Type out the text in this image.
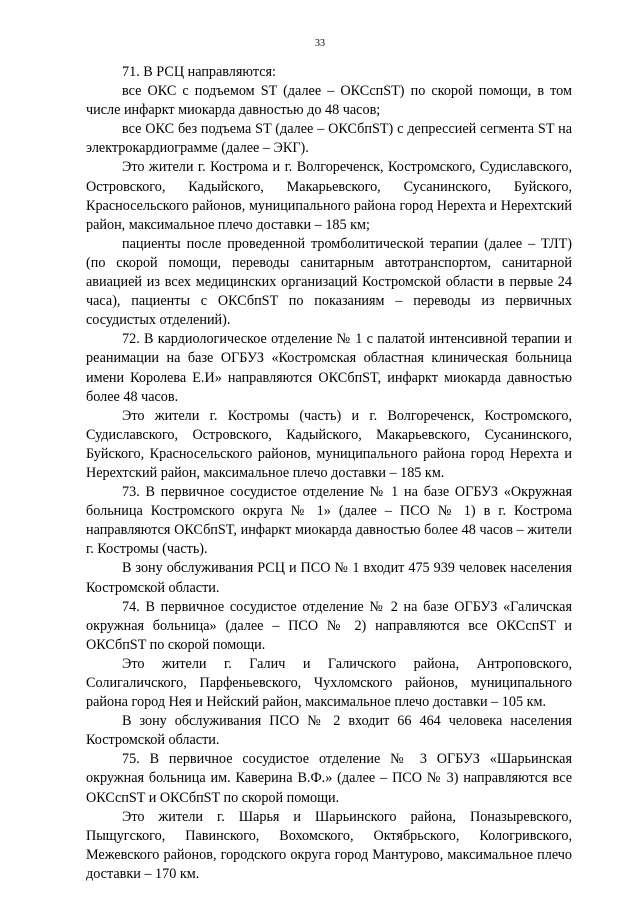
33

71. В РСЦ направляются:

все ОКС с подъемом ST (далее – ОКСспST) по скорой помощи, в том числе инфаркт миокарда давностью до 48 часов;

все ОКС без подъема ST (далее – ОКСбпST) с депрессией сегмента ST на электрокардиограмме (далее – ЭКГ).

Это жители г. Кострома и г. Волгореченск, Костромского, Судиславского, Островского, Кадыйского, Макарьевского, Сусанинского, Буйского, Красносельского районов, муниципального района город Нерехта и Нерехтский район, максимальное плечо доставки – 185 км;

пациенты после проведенной тромболитической терапии (далее – ТЛТ) (по скорой помощи, переводы санитарным автотранспортом, санитарной авиацией из всех медицинских организаций Костромской области в первые 24 часа), пациенты с ОКСбпST по показаниям – переводы из первичных сосудистых отделений).

72. В кардиологическое отделение № 1 с палатой интенсивной терапии и реанимации на базе ОГБУЗ «Костромская областная клиническая больница имени Королева Е.И» направляются ОКСбпST, инфаркт миокарда давностью более 48 часов.

Это жители г. Костромы (часть) и г. Волгореченск, Костромского, Судиславского, Островского, Кадыйского, Макарьевского, Сусанинского, Буйского, Красносельского районов, муниципального района город Нерехта и Нерехтский район, максимальное плечо доставки – 185 км.

73. В первичное сосудистое отделение № 1 на базе ОГБУЗ «Окружная больница Костромского округа № 1» (далее – ПСО № 1) в г. Кострома направляются ОКСбпST, инфаркт миокарда давностью более 48 часов – жители г. Костромы (часть).

В зону обслуживания РСЦ и ПСО № 1 входит 475 939 человек населения Костромской области.

74. В первичное сосудистое отделение № 2 на базе ОГБУЗ «Галичская окружная больница» (далее – ПСО № 2) направляются все ОКСспST и ОКСбпST по скорой помощи.

Это жители г. Галич и Галичского района, Антроповского, Солигаличского, Парфеньевского, Чухломского районов, муниципального района город Нея и Нейский район, максимальное плечо доставки – 105 км.

В зону обслуживания ПСО № 2 входит 66 464 человека населения Костромской области.

75. В первичное сосудистое отделение № 3 ОГБУЗ «Шарьинская окружная больница им. Каверина В.Ф.» (далее – ПСО № 3) направляются все ОКСспST и ОКСбпST по скорой помощи.

Это жители г. Шарья и Шарьинского района, Поназыревского, Пыщугского, Павинского, Вохомского, Октябрьского, Кологривского, Межевского районов, городского округа город Мантурово, максимальное плечо доставки – 170 км.
